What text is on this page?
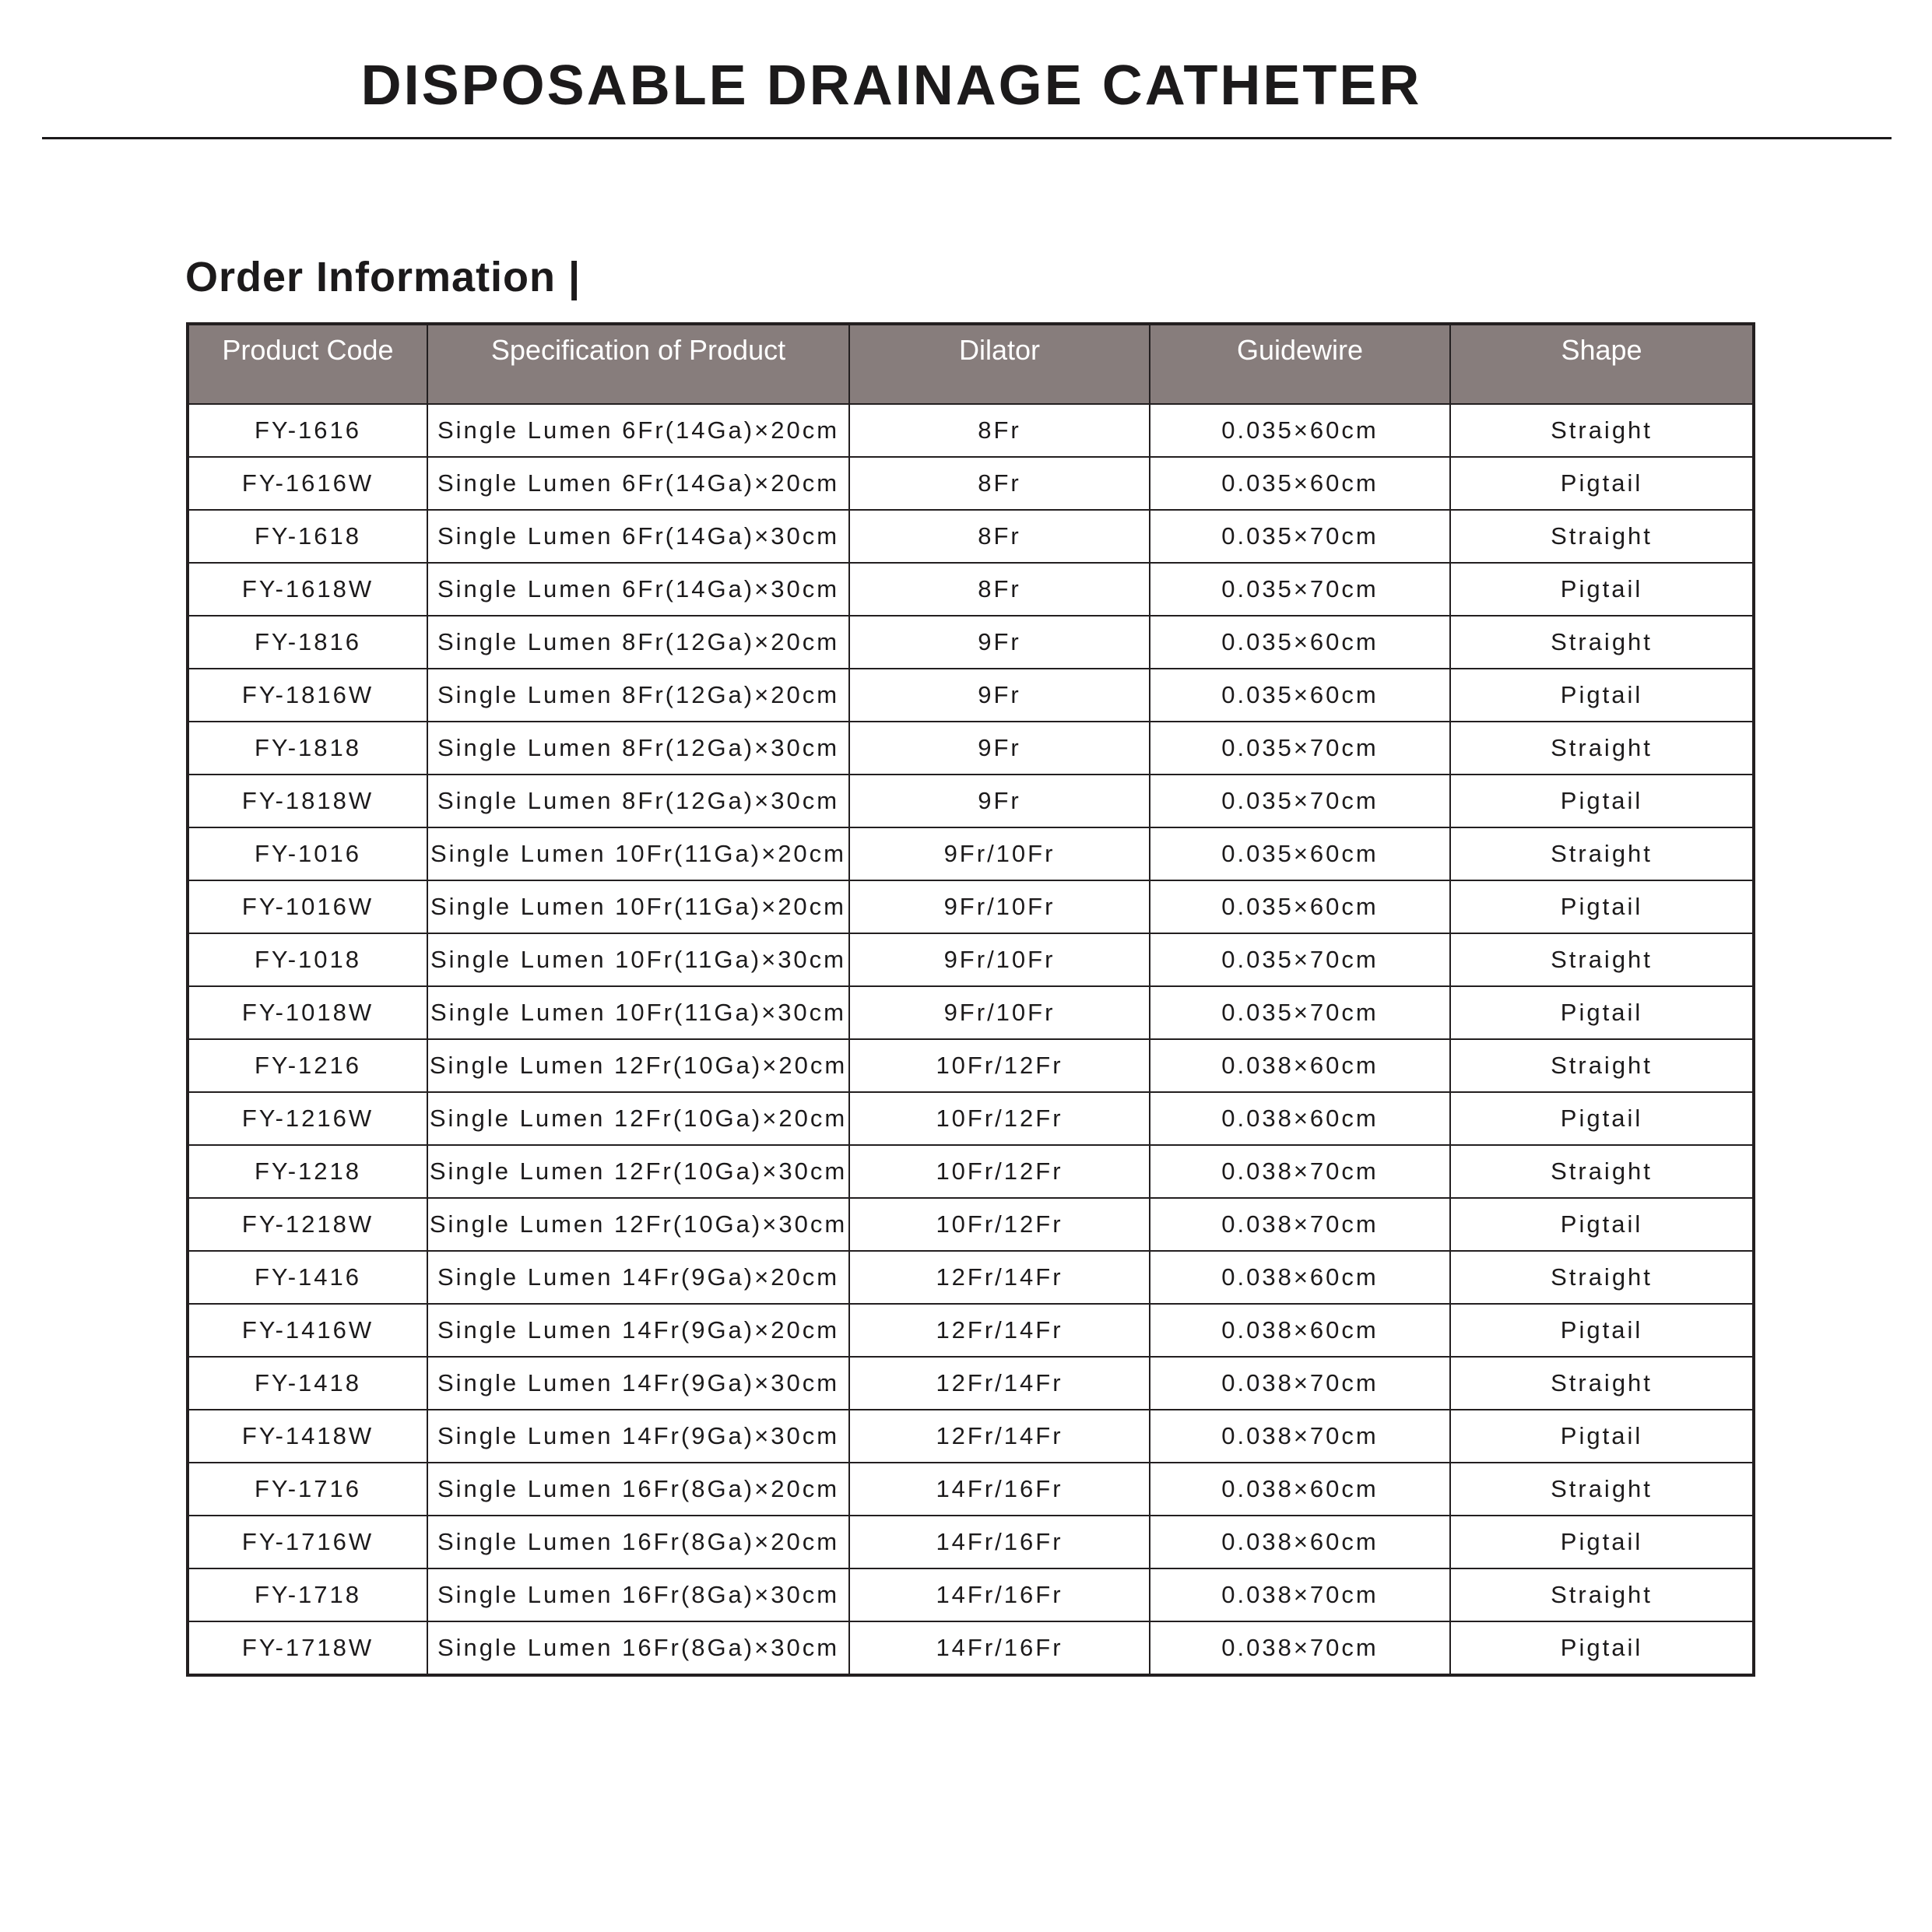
DISPOSABLE DRAINAGE CATHETER
Order Information |
Product Code	Specification of Product	Dilator	Guidewire	Shape
FY-1616	Single Lumen 6Fr(14Ga)×20cm	8Fr	0.035×60cm	Straight
FY-1616W	Single Lumen 6Fr(14Ga)×20cm	8Fr	0.035×60cm	Pigtail
FY-1618	Single Lumen 6Fr(14Ga)×30cm	8Fr	0.035×70cm	Straight
FY-1618W	Single Lumen 6Fr(14Ga)×30cm	8Fr	0.035×70cm	Pigtail
FY-1816	Single Lumen 8Fr(12Ga)×20cm	9Fr	0.035×60cm	Straight
FY-1816W	Single Lumen 8Fr(12Ga)×20cm	9Fr	0.035×60cm	Pigtail
FY-1818	Single Lumen 8Fr(12Ga)×30cm	9Fr	0.035×70cm	Straight
FY-1818W	Single Lumen 8Fr(12Ga)×30cm	9Fr	0.035×70cm	Pigtail
FY-1016	Single Lumen 10Fr(11Ga)×20cm	9Fr/10Fr	0.035×60cm	Straight
FY-1016W	Single Lumen 10Fr(11Ga)×20cm	9Fr/10Fr	0.035×60cm	Pigtail
FY-1018	Single Lumen 10Fr(11Ga)×30cm	9Fr/10Fr	0.035×70cm	Straight
FY-1018W	Single Lumen 10Fr(11Ga)×30cm	9Fr/10Fr	0.035×70cm	Pigtail
FY-1216	Single Lumen 12Fr(10Ga)×20cm	10Fr/12Fr	0.038×60cm	Straight
FY-1216W	Single Lumen 12Fr(10Ga)×20cm	10Fr/12Fr	0.038×60cm	Pigtail
FY-1218	Single Lumen 12Fr(10Ga)×30cm	10Fr/12Fr	0.038×70cm	Straight
FY-1218W	Single Lumen 12Fr(10Ga)×30cm	10Fr/12Fr	0.038×70cm	Pigtail
FY-1416	Single Lumen 14Fr(9Ga)×20cm	12Fr/14Fr	0.038×60cm	Straight
FY-1416W	Single Lumen 14Fr(9Ga)×20cm	12Fr/14Fr	0.038×60cm	Pigtail
FY-1418	Single Lumen 14Fr(9Ga)×30cm	12Fr/14Fr	0.038×70cm	Straight
FY-1418W	Single Lumen 14Fr(9Ga)×30cm	12Fr/14Fr	0.038×70cm	Pigtail
FY-1716	Single Lumen 16Fr(8Ga)×20cm	14Fr/16Fr	0.038×60cm	Straight
FY-1716W	Single Lumen 16Fr(8Ga)×20cm	14Fr/16Fr	0.038×60cm	Pigtail
FY-1718	Single Lumen 16Fr(8Ga)×30cm	14Fr/16Fr	0.038×70cm	Straight
FY-1718W	Single Lumen 16Fr(8Ga)×30cm	14Fr/16Fr	0.038×70cm	Pigtail
